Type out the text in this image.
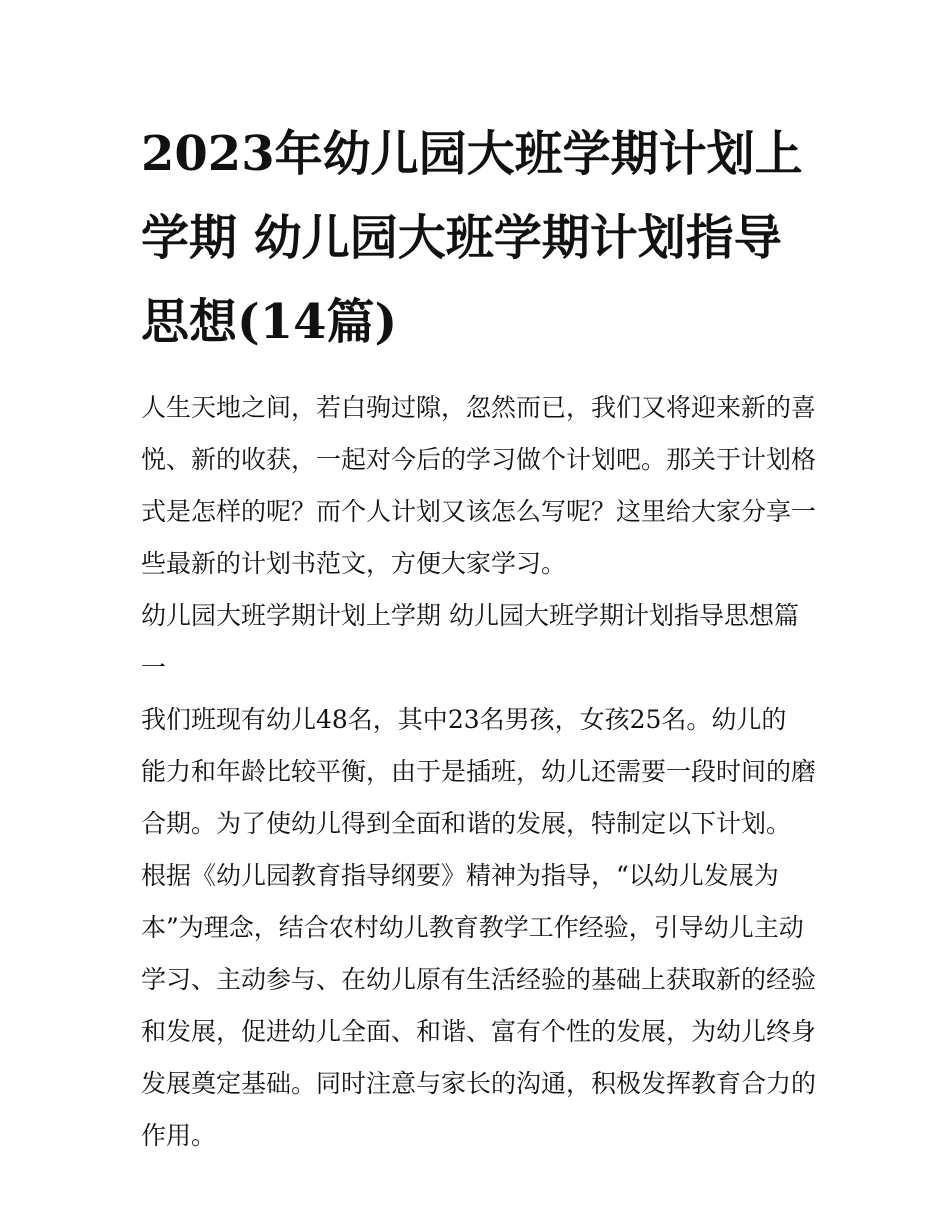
2023年幼儿园大班学期计划上
学期 幼儿园大班学期计划指导
思想(14篇)

人生天地之间，若白驹过隙，忽然而已，我们又将迎来新的喜
悦、新的收获，一起对今后的学习做个计划吧。那关于计划格
式是怎样的呢？而个人计划又该怎么写呢？这里给大家分享一
些最新的计划书范文，方便大家学习。

幼儿园大班学期计划上学期 幼儿园大班学期计划指导思想篇
一

我们班现有幼儿48名，其中23名男孩，女孩25名。幼儿的
能力和年龄比较平衡，由于是插班，幼儿还需要一段时间的磨
合期。为了使幼儿得到全面和谐的发展，特制定以下计划。

根据《幼儿园教育指导纲要》精神为指导，“以幼儿发展为
本”为理念，结合农村幼儿教育教学工作经验，引导幼儿主动
学习、主动参与、在幼儿原有生活经验的基础上获取新的经验
和发展，促进幼儿全面、和谐、富有个性的发展，为幼儿终身
发展奠定基础。同时注意与家长的沟通，积极发挥教育合力的
作用。
